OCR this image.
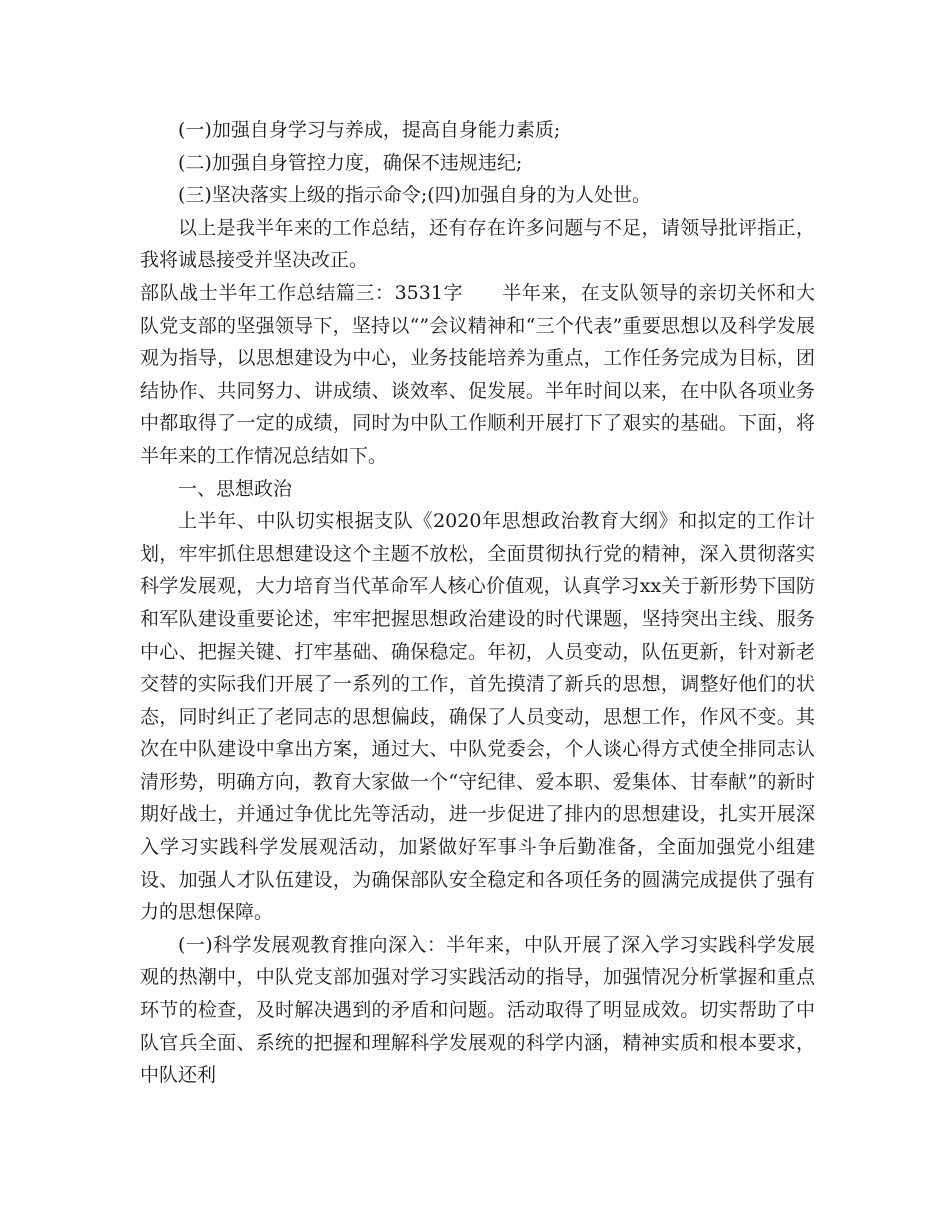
(一)加强自身学习与养成，提高自身能力素质;

(二)加强自身管控力度，确保不违规违纪;

(三)坚决落实上级的指示命令;(四)加强自身的为人处世。

以上是我半年来的工作总结，还有存在许多问题与不足，请领导批评指正，我将诚恳接受并坚决改正。

部队战士半年工作总结篇三：3531字　　半年来，在支队领导的亲切关怀和大队党支部的坚强领导下，坚持以“”会议精神和“三个代表”重要思想以及科学发展观为指导，以思想建设为中心，业务技能培养为重点，工作任务完成为目标，团结协作、共同努力、讲成绩、谈效率、促发展。半年时间以来，在中队各项业务中都取得了一定的成绩，同时为中队工作顺利开展打下了艰实的基础。下面，将半年来的工作情况总结如下。

一、思想政治

上半年、中队切实根据支队《2020年思想政治教育大纲》和拟定的工作计划，牢牢抓住思想建设这个主题不放松，全面贯彻执行党的精神，深入贯彻落实科学发展观，大力培育当代革命军人核心价值观，认真学习xx关于新形势下国防和军队建设重要论述，牢牢把握思想政治建设的时代课题，坚持突出主线、服务中心、把握关键、打牢基础、确保稳定。年初，人员变动，队伍更新，针对新老交替的实际我们开展了一系列的工作，首先摸清了新兵的思想，调整好他们的状态，同时纠正了老同志的思想偏歧，确保了人员变动，思想工作，作风不变。其次在中队建设中拿出方案，通过大、中队党委会，个人谈心得方式使全排同志认清形势，明确方向，教育大家做一个“守纪律、爱本职、爱集体、甘奉献”的新时期好战士，并通过争优比先等活动，进一步促进了排内的思想建设，扎实开展深入学习实践科学发展观活动，加紧做好军事斗争后勤准备，全面加强党小组建设、加强人才队伍建设，为确保部队安全稳定和各项任务的圆满完成提供了强有力的思想保障。

(一)科学发展观教育推向深入：半年来，中队开展了深入学习实践科学发展观的热潮中，中队党支部加强对学习实践活动的指导，加强情况分析掌握和重点环节的检查，及时解决遇到的矛盾和问题。活动取得了明显成效。切实帮助了中队官兵全面、系统的把握和理解科学发展观的科学内涵，精神实质和根本要求，中队还利
